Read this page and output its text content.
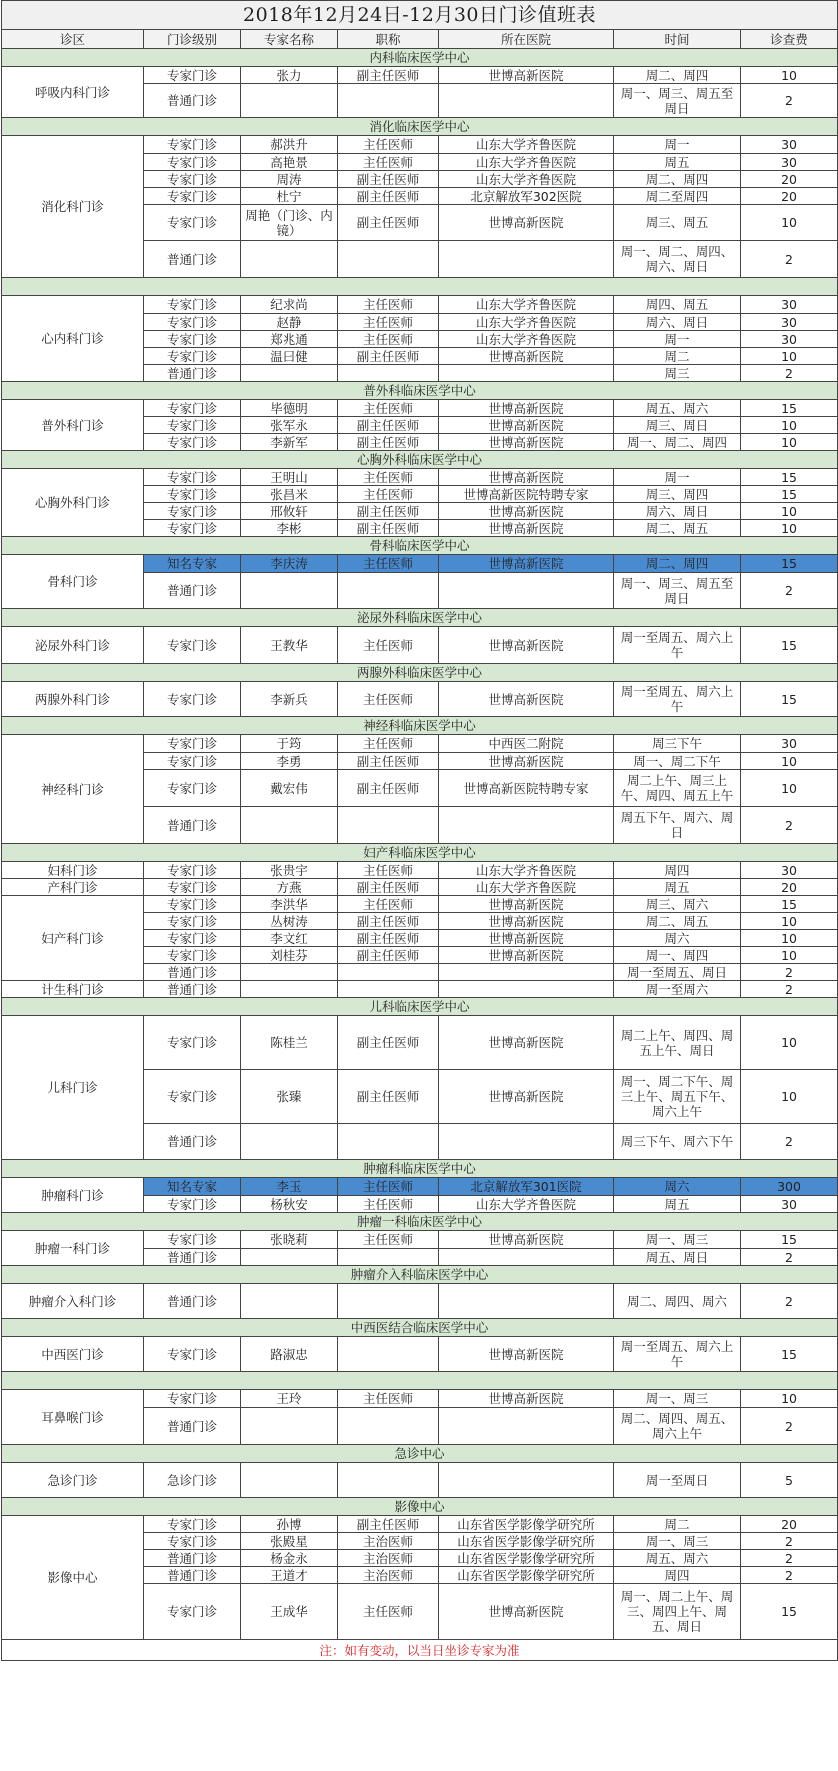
2018年12月24日-12月30日门诊值班表						
诊区	门诊级别	专家名称	职称	所在医院	时间	诊查费
内科临床医学中心						
呼吸内科门诊	专家门诊	张力	副主任医师	世博高新医院	周二、周四	10
	普通门诊				周一、周三、周五至周日	2
消化临床医学中心						
消化科门诊	专家门诊	郝洪升	主任医师	山东大学齐鲁医院	周一	30
	专家门诊	高艳景	主任医师	山东大学齐鲁医院	周五	30
	专家门诊	周涛	副主任医师	山东大学齐鲁医院	周二、周四	20
	专家门诊	杜宁	副主任医师	北京解放军302医院	周二至周四	20
	专家门诊	周艳（门诊、内镜）	副主任医师	世博高新医院	周三、周五	10
	普通门诊				周一、周二、周四、周六、周日	2

心内科门诊	专家门诊	纪求尚	主任医师	山东大学齐鲁医院	周四、周五	30
	专家门诊	赵静	主任医师	山东大学齐鲁医院	周六、周日	30
	专家门诊	郑兆通	主任医师	山东大学齐鲁医院	周一	30
	专家门诊	温曰健	副主任医师	世博高新医院	周二	10
	普通门诊				周三	2
普外科临床医学中心						
普外科门诊	专家门诊	毕德明	主任医师	世博高新医院	周五、周六	15
	专家门诊	张军永	副主任医师	世博高新医院	周三、周日	10
	专家门诊	李新军	副主任医师	世博高新医院	周一、周二、周四	10
心胸外科临床医学中心						
心胸外科门诊	专家门诊	王明山	主任医师	世博高新医院	周一	15
	专家门诊	张昌米	主任医师	世博高新医院特聘专家	周三、周四	15
	专家门诊	邢攸轩	副主任医师	世博高新医院	周六、周日	10
	专家门诊	李彬	副主任医师	世博高新医院	周二、周五	10
骨科临床医学中心						
骨科门诊	知名专家	李庆涛	主任医师	世博高新医院	周二、周四	15
	普通门诊				周一、周三、周五至周日	2
泌尿外科临床医学中心						
泌尿外科门诊	专家门诊	王教华	主任医师	世博高新医院	周一至周五、周六上午	15
两腺外科临床医学中心						
两腺外科门诊	专家门诊	李新兵	主任医师	世博高新医院	周一至周五、周六上午	15
神经科临床医学中心						
神经科门诊	专家门诊	于筠	主任医师	中西医二附院	周三下午	30
	专家门诊	李勇	副主任医师	世博高新医院	周一、周二下午	10
	专家门诊	戴宏伟	副主任医师	世博高新医院特聘专家	周二上午、周三上午、周四、周五上午	10
	普通门诊				周五下午、周六、周日	2
妇产科临床医学中心						
妇科门诊	专家门诊	张贵宇	主任医师	山东大学齐鲁医院	周四	30
产科门诊	专家门诊	方燕	副主任医师	山东大学齐鲁医院	周五	20
妇产科门诊	专家门诊	李洪华	主任医师	世博高新医院	周三、周六	15
	专家门诊	丛树涛	副主任医师	世博高新医院	周二、周五	10
	专家门诊	李文红	副主任医师	世博高新医院	周六	10
	专家门诊	刘桂芬	副主任医师	世博高新医院	周一、周四	10
	普通门诊				周一至周五、周日	2
计生科门诊	普通门诊				周一至周六	2
儿科临床医学中心						
儿科门诊	专家门诊	陈桂兰	副主任医师	世博高新医院	周二上午、周四、周五上午、周日	10
	专家门诊	张臻	副主任医师	世博高新医院	周一、周二下午、周三上午、周五下午、周六上午	10
	普通门诊				周三下午、周六下午	2
肿瘤科临床医学中心						
肿瘤科门诊	知名专家	李玉	主任医师	北京解放军301医院	周六	300
	专家门诊	杨秋安	主任医师	山东大学齐鲁医院	周五	30
肿瘤一科临床医学中心						
肿瘤一科门诊	专家门诊	张晓莉	主任医师	世博高新医院	周一、周三	15
	普通门诊				周五、周日	2
肿瘤介入科临床医学中心						
肿瘤介入科门诊	普通门诊				周二、周四、周六	2
中西医结合临床医学中心						
中西医门诊	专家门诊	路淑忠		世博高新医院	周一至周五、周六上午	15

耳鼻喉门诊	专家门诊	王玲	主任医师	世博高新医院	周一、周三	10
	普通门诊				周二、周四、周五、周六上午	2
急诊中心						
急诊门诊	急诊门诊				周一至周日	5
影像中心						
影像中心	专家门诊	孙博	副主任医师	山东省医学影像学研究所	周二	20
	专家门诊	张殿星	主治医师	山东省医学影像学研究所	周一、周三	2
	普通门诊	杨金永	主治医师	山东省医学影像学研究所	周五、周六	2
	普通门诊	王道才	主治医师	山东省医学影像学研究所	周四	2
	专家门诊	王成华	主任医师	世博高新医院	周一、周二上午、周三、周四上午、周五、周日	15
注：如有变动，以当日坐诊专家为准						
